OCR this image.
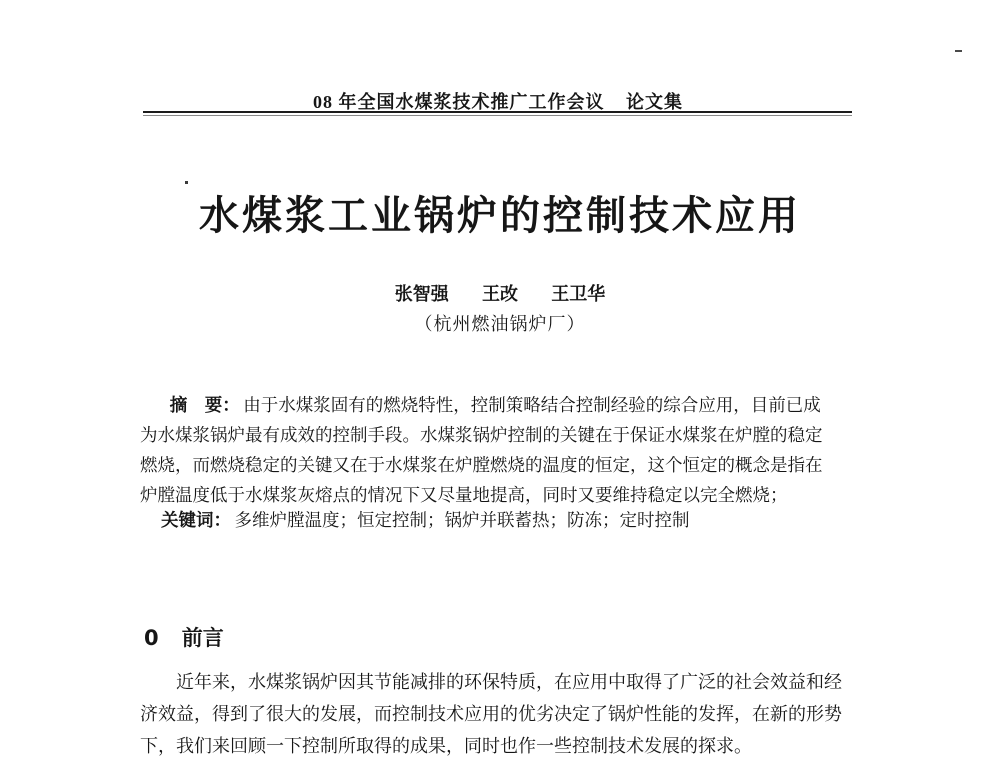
08 年全国水煤浆技术推广工作会议 论文集
水煤浆工业锅炉的控制技术应用
张智强 王改 王卫华
（杭州燃油锅炉厂）
摘　要： 由于水煤浆固有的燃烧特性，控制策略结合控制经验的综合应用，目前已成
为水煤浆锅炉最有成效的控制手段。水煤浆锅炉控制的关键在于保证水煤浆在炉膛的稳定
燃烧，而燃烧稳定的关键又在于水煤浆在炉膛燃烧的温度的恒定，这个恒定的概念是指在
炉膛温度低于水煤浆灰熔点的情况下又尽量地提高，同时又要维持稳定以完全燃烧；
关键词： 多维炉膛温度；恒定控制；锅炉并联蓄热；防冻；定时控制
0 前言
近年来，水煤浆锅炉因其节能减排的环保特质，在应用中取得了广泛的社会效益和经
济效益，得到了很大的发展，而控制技术应用的优劣决定了锅炉性能的发挥，在新的形势
下，我们来回顾一下控制所取得的成果，同时也作一些控制技术发展的探求。
